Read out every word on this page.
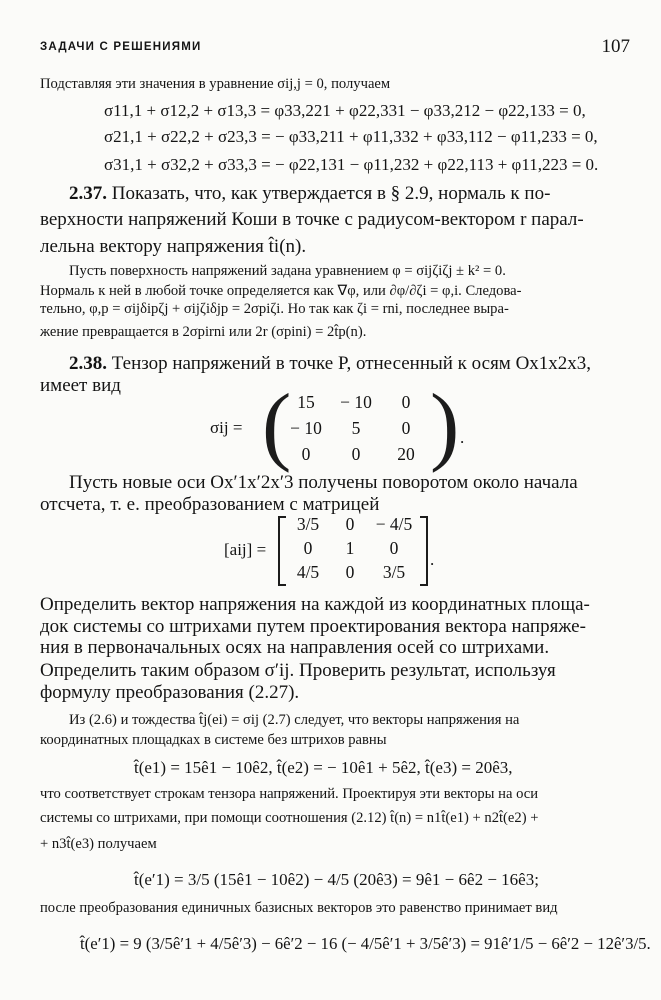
ЗАДАЧИ С РЕШЕНИЯМИ	107
Подставляя эти значения в уравнение σij,j = 0, получаем
σ11,1 + σ12,2 + σ13,3 = φ33,221 + φ22,331 − φ33,212 − φ22,133 = 0,
σ21,1 + σ22,2 + σ23,3 = − φ33,211 + φ11,332 + φ33,112 − φ11,233 = 0,
σ31,1 + σ32,2 + σ33,3 = − φ22,131 − φ11,232 + φ22,113 + φ11,223 = 0.
2.37. Показать, что, как утверждается в § 2.9, нормаль к по-
верхности напряжений Коши в точке с радиусом-вектором r парал-
лельна вектору напряжения t̂i(n).
Пусть поверхность напряжений задана уравнением φ = σijζiζj ± k² = 0.
Нормаль к ней в любой точке определяется как ∇φ, или ∂φ/∂ζi = φ,i. Следова-
тельно, φ,p = σijδipζj + σijζiδjp = 2σpiζi. Но так как ζi = rni, последнее выра-
жение превращается в 2σpirni или 2r (σpini) = 2t̂p(n).
2.38. Тензор напряжений в точке P, отнесенный к осям Ox1x2x3,
имеет вид
σij = ( 15	− 10	0
− 10	5	0
0	0	20 ) .
Пусть новые оси Ox′1x′2x′3 получены поворотом около начала
отсчета, т. е. преобразованием с матрицей
[aij] =
3/5	0	− 4/5
0	1	0
4/5	0	3/5
.
Определить вектор напряжения на каждой из координатных площа-
док системы со штрихами путем проектирования вектора напряже-
ния в первоначальных осях на направления осей со штрихами.
Определить таким образом σ′ij. Проверить результат, используя
формулу преобразования (2.27).
Из (2.6) и тождества t̂j(ei) = σij (2.7) следует, что векторы напряжения на
координатных площадках в системе без штрихов равны
t̂(e1) = 15ê1 − 10ê2, t̂(e2) = − 10ê1 + 5ê2, t̂(e3) = 20ê3,
что соответствует строкам тензора напряжений. Проектируя эти векторы на оси
системы со штрихами, при помощи соотношения (2.12) t̂(n) = n1t̂(e1) + n2t̂(e2) +
+ n3t̂(e3) получаем
t̂(e′1) = 3/5 (15ê1 − 10ê2) − 4/5 (20ê3) = 9ê1 − 6ê2 − 16ê3;
после преобразования единичных базисных векторов это равенство принимает вид
t̂(e′1) = 9 (3/5ê′1 + 4/5ê′3) − 6ê′2 − 16 (− 4/5ê′1 + 3/5ê′3) = 91ê′1/5 − 6ê′2 − 12ê′3/5.
